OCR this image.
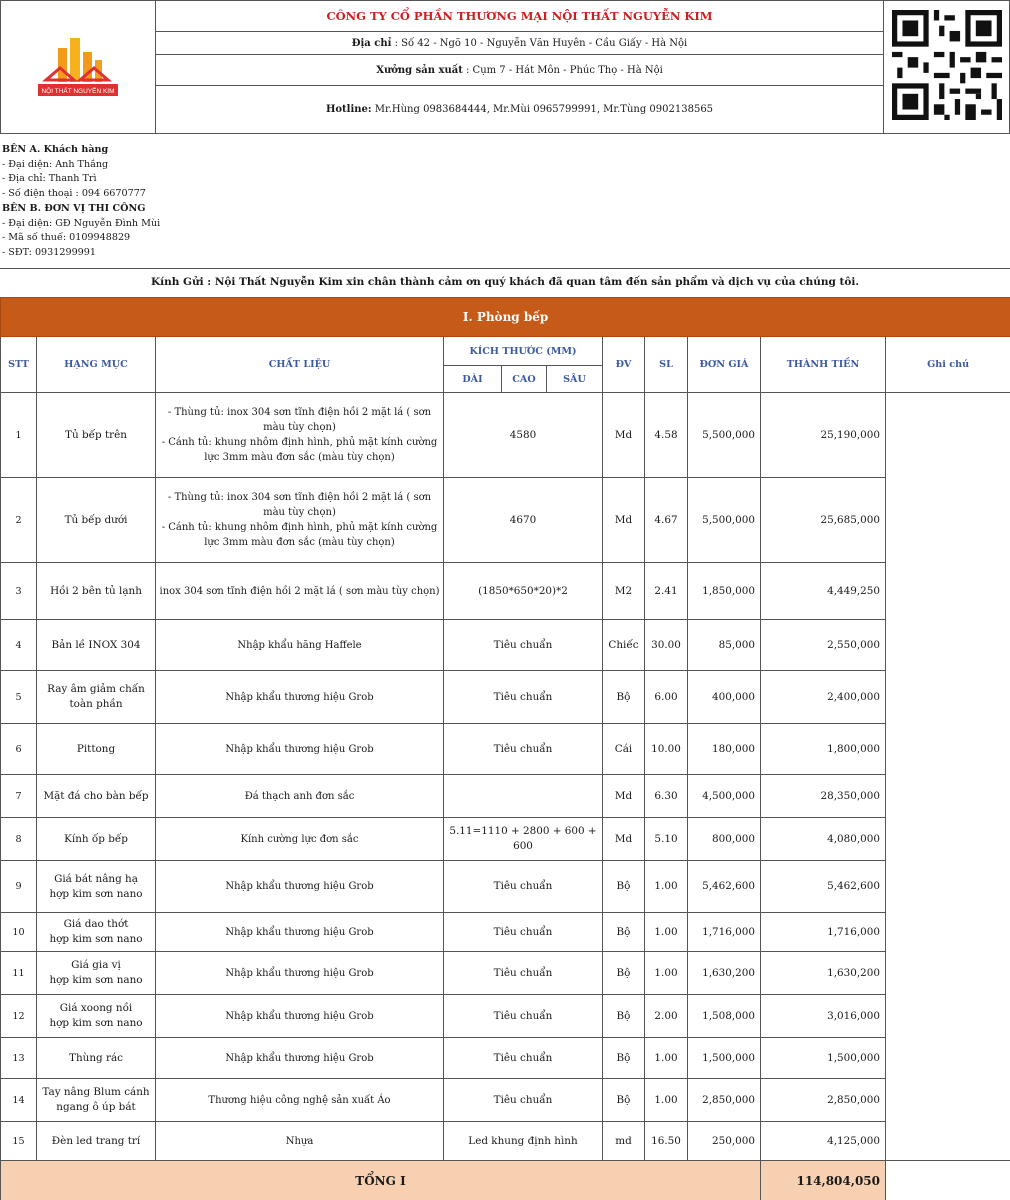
NỘI THẤT NGUYỄN KIM
	CÔNG TY CỔ PHẦN THƯƠNG MẠI NỘI THẤT NGUYỄN KIM	
Địa chỉ : Số 42 - Ngõ 10 - Nguyễn Văn Huyên - Cầu Giấy - Hà Nội
Xưởng sản xuất : Cụm 7 - Hát Môn - Phúc Thọ - Hà Nội
Hotline: Mr.Hùng 0983684444, Mr.Mùi 0965799991, Mr.Tùng 0902138565
BÊN A. Khách hàng
- Đại diện: Anh Thắng
- Địa chỉ: Thanh Trì
- Số điện thoại : 094 6670777
BÊN B. ĐƠN VỊ THI CÔNG
- Đại diện: GĐ Nguyễn Đình Mùi
- Mã số thuế: 0109948829
- SĐT: 0931299991
Kính Gửi : Nội Thất Nguyễn Kim xin chân thành cảm ơn quý khách đã quan tâm đến sản phẩm và dịch vụ của chúng tôi.
I. Phòng bếp										
STT	HẠNG MỤC	CHẤT LIỆU	KÍCH THƯỚC (MM)			ĐV	SL	ĐƠN GIÁ	THÀNH TIỀN	Ghi chú
			DÀI	CAO	SÂU					
1	Tủ bếp trên	- Thùng tủ: inox 304 sơn tĩnh điện hồi 2 mặt lá ( sơn màu tùy chọn)
- Cánh tủ: khung nhôm định hình, phủ mặt kính cường lực 3mm màu đơn sắc (màu tùy chọn)	4580			Md	4.58	5,500,000	25,190,000	
2	Tủ bếp dưới	- Thùng tủ: inox 304 sơn tĩnh điện hồi 2 mặt lá ( sơn màu tùy chọn)
- Cánh tủ: khung nhôm định hình, phủ mặt kính cường lực 3mm màu đơn sắc (màu tùy chọn)	4670			Md	4.67	5,500,000	25,685,000	
3	Hồi 2 bên tủ lạnh	inox 304 sơn tĩnh điện hồi 2 mặt lá ( sơn màu tùy chọn)	(1850*650*20)*2			M2	2.41	1,850,000	4,449,250	
4	Bản lề INOX 304	Nhập khẩu hãng Haffele	Tiêu chuẩn			Chiếc	30.00	85,000	2,550,000	
5	Ray âm giảm chấn toàn phần	Nhập khẩu thương hiệu Grob	Tiêu chuẩn			Bộ	6.00	400,000	2,400,000	
6	Pittong	Nhập khẩu thương hiệu Grob	Tiêu chuẩn			Cái	10.00	180,000	1,800,000	
7	Mặt đá cho bàn bếp	Đá thạch anh đơn sắc				Md	6.30	4,500,000	28,350,000	
8	Kính ốp bếp	Kính cường lực đơn sắc	5.11=1110 + 2800 + 600 + 600			Md	5.10	800,000	4,080,000	
9	Giá bát nâng hạ
hợp kim sơn nano	Nhập khẩu thương hiệu Grob	Tiêu chuẩn			Bộ	1.00	5,462,600	5,462,600	
10	Giá dao thớt
hợp kim sơn nano	Nhập khẩu thương hiệu Grob	Tiêu chuẩn			Bộ	1.00	1,716,000	1,716,000	
11	Giá gia vị
hợp kim sơn nano	Nhập khẩu thương hiệu Grob	Tiêu chuẩn			Bộ	1.00	1,630,200	1,630,200	
12	Giá xoong nồi
hợp kim sơn nano	Nhập khẩu thương hiệu Grob	Tiêu chuẩn			Bộ	2.00	1,508,000	3,016,000	
13	Thùng rác	Nhập khẩu thương hiệu Grob	Tiêu chuẩn			Bộ	1.00	1,500,000	1,500,000	
14	Tay nâng Blum cánh ngang ô úp bát	Thương hiệu công nghệ sản xuất Áo	Tiêu chuẩn			Bộ	1.00	2,850,000	2,850,000	
15	Đèn led trang trí	Nhựa	Led khung định hình			md	16.50	250,000	4,125,000	
TỔNG I									114,804,050	
